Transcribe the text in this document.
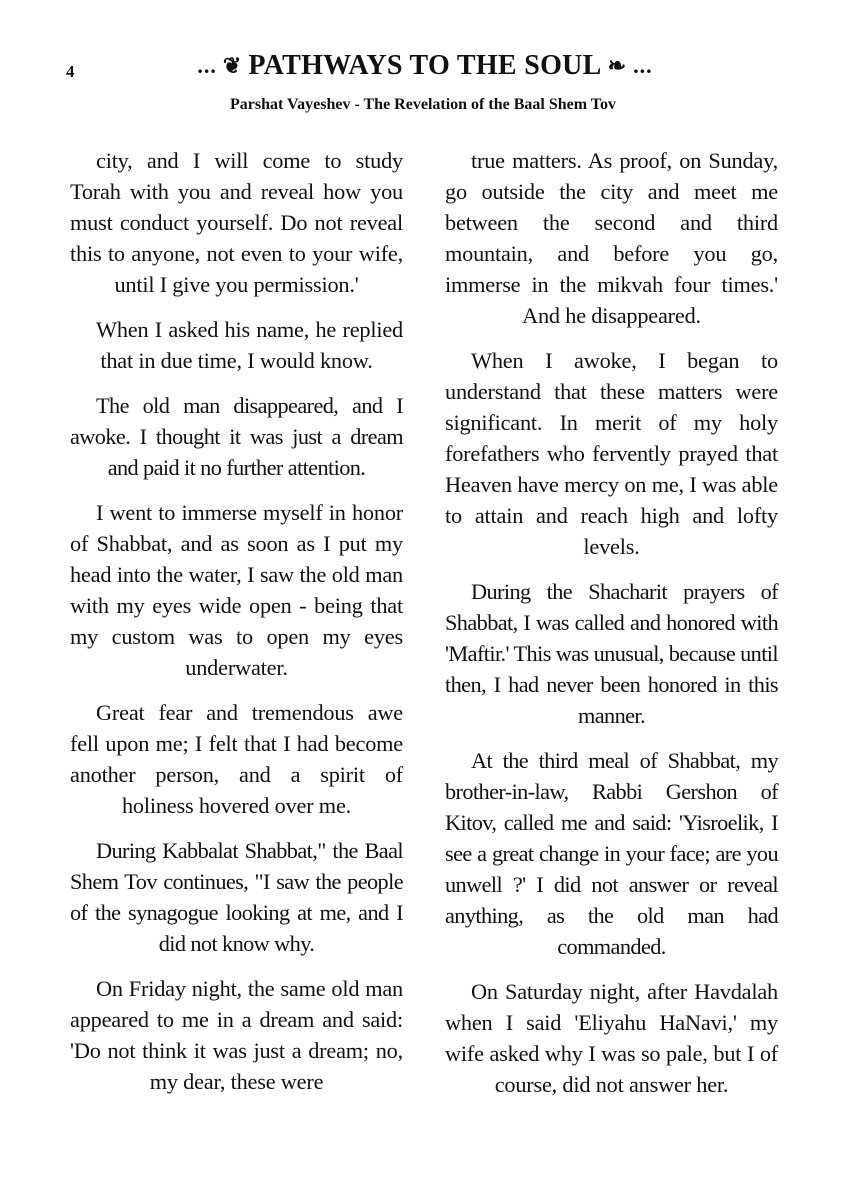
4	... ❦ PATHWAYS TO THE SOUL ❧ ...
Parshat Vayeshev - The Revelation of the Baal Shem Tov

city, and I will come to study Torah with you and reveal how you must conduct yourself. Do not reveal this to anyone, not even to your wife, until I give you permission.'

When I asked his name, he replied that in due time, I would know.

The old man disappeared, and I awoke. I thought it was just a dream and paid it no further attention.

I went to immerse myself in honor of Shabbat, and as soon as I put my head into the water, I saw the old man with my eyes wide open - being that my custom was to open my eyes underwater.

Great fear and tremendous awe fell upon me; I felt that I had become another person, and a spirit of holiness hovered over me.

During Kabbalat Shabbat," the Baal Shem Tov continues, "I saw the people of the synagogue looking at me, and I did not know why.

On Friday night, the same old man appeared to me in a dream and said: 'Do not think it was just a dream; no, my dear, these were

true matters. As proof, on Sunday, go outside the city and meet me between the second and third mountain, and before you go, immerse in the mikvah four times.' And he disappeared.

When I awoke, I began to understand that these matters were significant. In merit of my holy forefathers who fervently prayed that Heaven have mercy on me, I was able to attain and reach high and lofty levels.

During the Shacharit prayers of Shabbat, I was called and honored with 'Maftir.' This was unusual, because until then, I had never been honored in this manner.

At the third meal of Shabbat, my brother-in-law, Rabbi Gershon of Kitov, called me and said: 'Yisroelik, I see a great change in your face; are you unwell ?' I did not answer or reveal anything, as the old man had commanded.

On Saturday night, after Havdalah when I said 'Eliyahu HaNavi,' my wife asked why I was so pale, but I of course, did not answer her.
